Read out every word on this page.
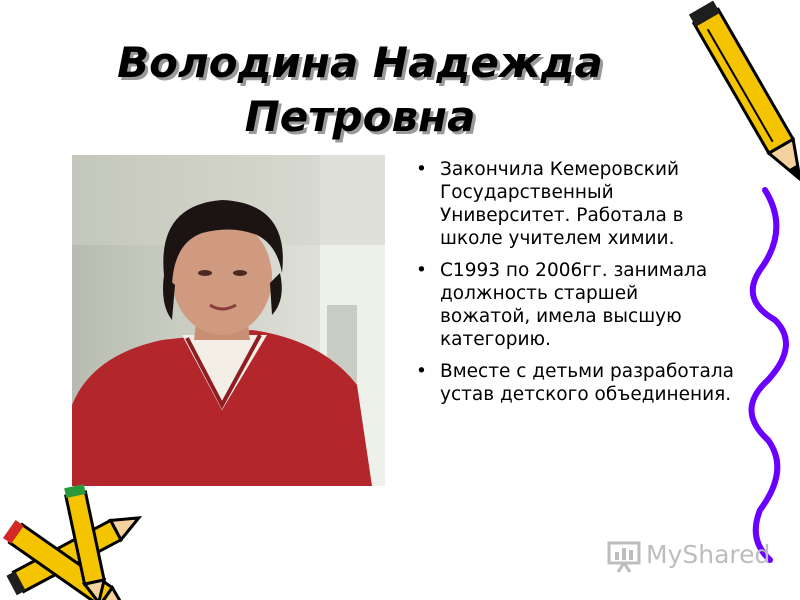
Володина Надежда
Петровна
• Закончила Кемеровский Государственный Университет. Работала в школе учителем химии.
• С1993 по 2006гг. занимала должность старшей вожатой, имела высшую категорию.
• Вместе с детьми разработала устав детского объединения.
MyShared
